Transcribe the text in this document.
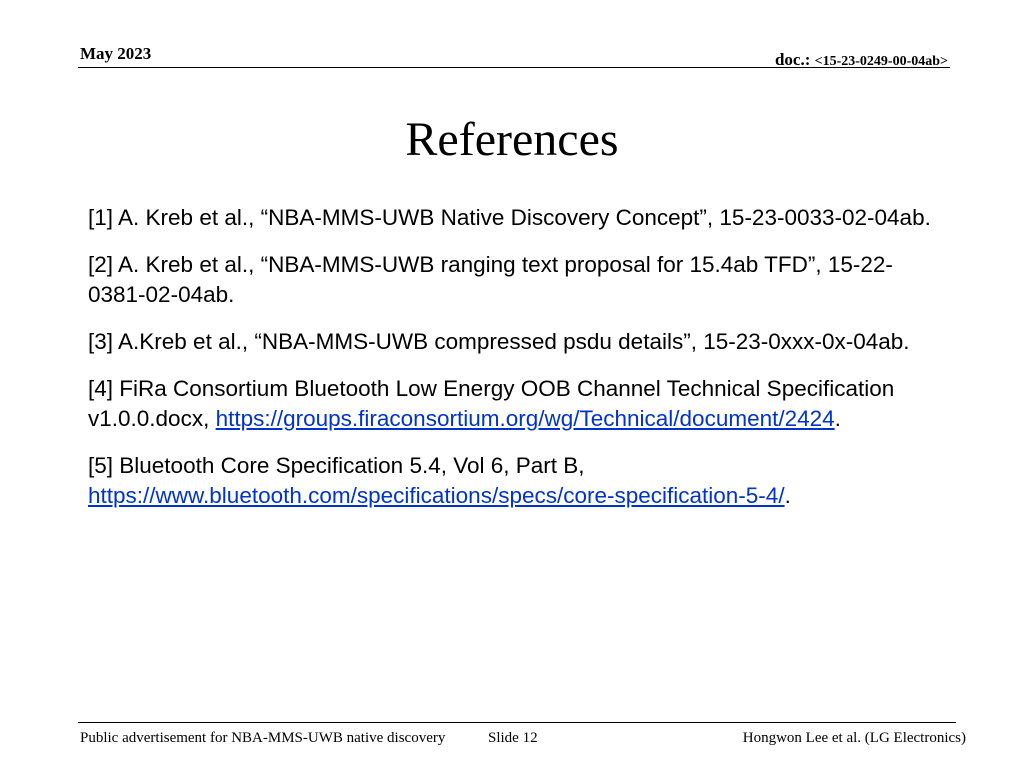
May 2023	doc.: <15-23-0249-00-04ab>
References
[1] A. Kreb et al., “NBA-MMS-UWB Native Discovery Concept”, 15-23-0033-02-04ab.
[2] A. Kreb et al., “NBA-MMS-UWB ranging text proposal for 15.4ab TFD”, 15-22-0381-02-04ab.
[3] A.Kreb et al., “NBA-MMS-UWB compressed psdu details”, 15-23-0xxx-0x-04ab.
[4] FiRa Consortium Bluetooth Low Energy OOB Channel Technical Specification v1.0.0.docx, https://groups.firaconsortium.org/wg/Technical/document/2424.
[5] Bluetooth Core Specification 5.4, Vol 6, Part B, https://www.bluetooth.com/specifications/specs/core-specification-5-4/.
Public advertisement for NBA-MMS-UWB native discovery	Slide 12	Hongwon Lee et al. (LG Electronics)
